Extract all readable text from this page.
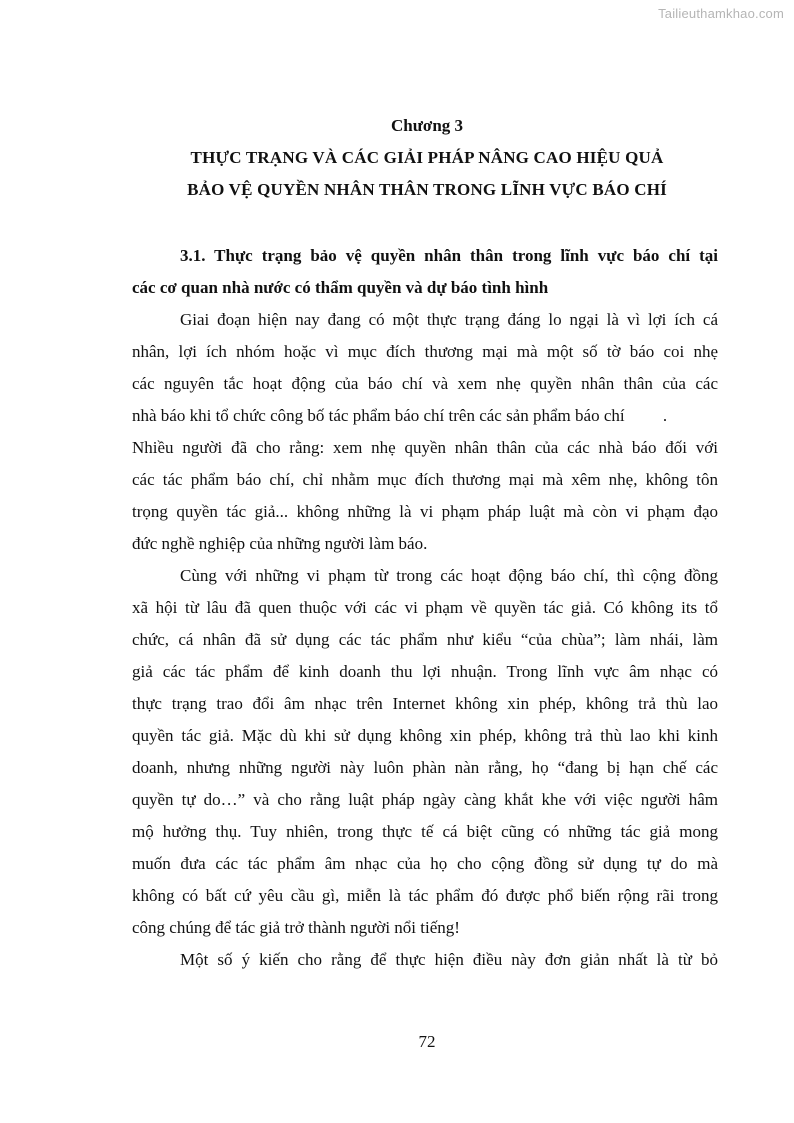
Tailieuthamkhao.com
Chương 3
THỰC TRẠNG VÀ CÁC GIẢI PHÁP NÂNG CAO HIỆU QUẢ
BẢO VỆ QUYỀN NHÂN THÂN TRONG LĨNH VỰC BÁO CHÍ
3.1. Thực trạng bảo vệ quyền nhân thân trong lĩnh vực báo chí tại
các cơ quan nhà nước có thẩm quyền và dự báo tình hình
Giai đoạn hiện nay đang có một thực trạng đáng lo ngại là vì lợi ích cá
nhân, lợi ích nhóm hoặc vì mục đích thương mại mà một số tờ báo coi nhẹ
các nguyên tắc hoạt động của báo chí và xem nhẹ quyền nhân thân của các
nhà báo khi tổ chức công bố tác phẩm báo chí trên các sản phẩm báo chí         .
Nhiều người đã cho rằng: xem nhẹ quyền nhân thân của các nhà báo đối với
các tác phẩm báo chí, chỉ nhằm mục đích thương mại mà xêm nhẹ, không tôn
trọng quyền tác giả... không những là vi phạm pháp luật mà còn vi phạm đạo
đức nghề nghiệp của những người làm báo.
Cùng với những vi phạm từ trong các hoạt động báo chí, thì cộng đồng
xã hội từ lâu đã quen thuộc với các vi phạm về quyền tác giả. Có không its tổ
chức, cá nhân đã sử dụng các tác phẩm như kiểu “của chùa”; làm nhái, làm
giả các tác phẩm để kinh doanh thu lợi nhuận. Trong lĩnh vực âm nhạc có
thực trạng trao đổi âm nhạc trên Internet không xin phép, không trả thù lao
quyền tác giả. Mặc dù khi sử dụng không xin phép, không trả thù lao khi kinh
doanh, nhưng những người này luôn phàn nàn rằng, họ “đang bị hạn chế các
quyền tự do…” và cho rằng luật pháp ngày càng khắt khe với việc người hâm
mộ hưởng thụ. Tuy nhiên, trong thực tế cá biệt cũng có những tác giả mong
muốn đưa các tác phẩm âm nhạc của họ cho cộng đồng sử dụng tự do mà
không có bất cứ yêu cầu gì, miễn là tác phẩm đó được phổ biến rộng rãi trong
công chúng để tác giả trở thành người nổi tiếng!
Một số ý kiến cho rằng để thực hiện điều này đơn giản nhất là từ bỏ
72
